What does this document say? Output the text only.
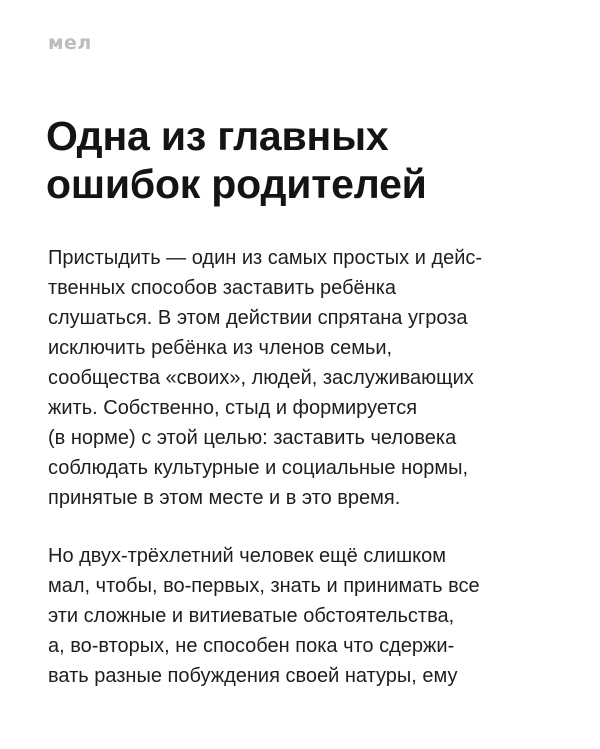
мел
Одна из главных
ошибок родителей

Пристыдить — один из самых простых и дейс-
твенных способов заставить ребёнка
слушаться. В этом действии спрятана угроза
исключить ребёнка из членов семьи,
сообщества «своих», людей, заслуживающих
жить. Собственно, стыд и формируется
(в норме) с этой целью: заставить человека
соблюдать культурные и социальные нормы,
принятые в этом месте и в это время.

Но двух-трёхлетний человек ещё слишком
мал, чтобы, во-первых, знать и принимать все
эти сложные и витиеватые обстоятельства,
а, во-вторых, не способен пока что сдержи-
вать разные побуждения своей натуры, ему
